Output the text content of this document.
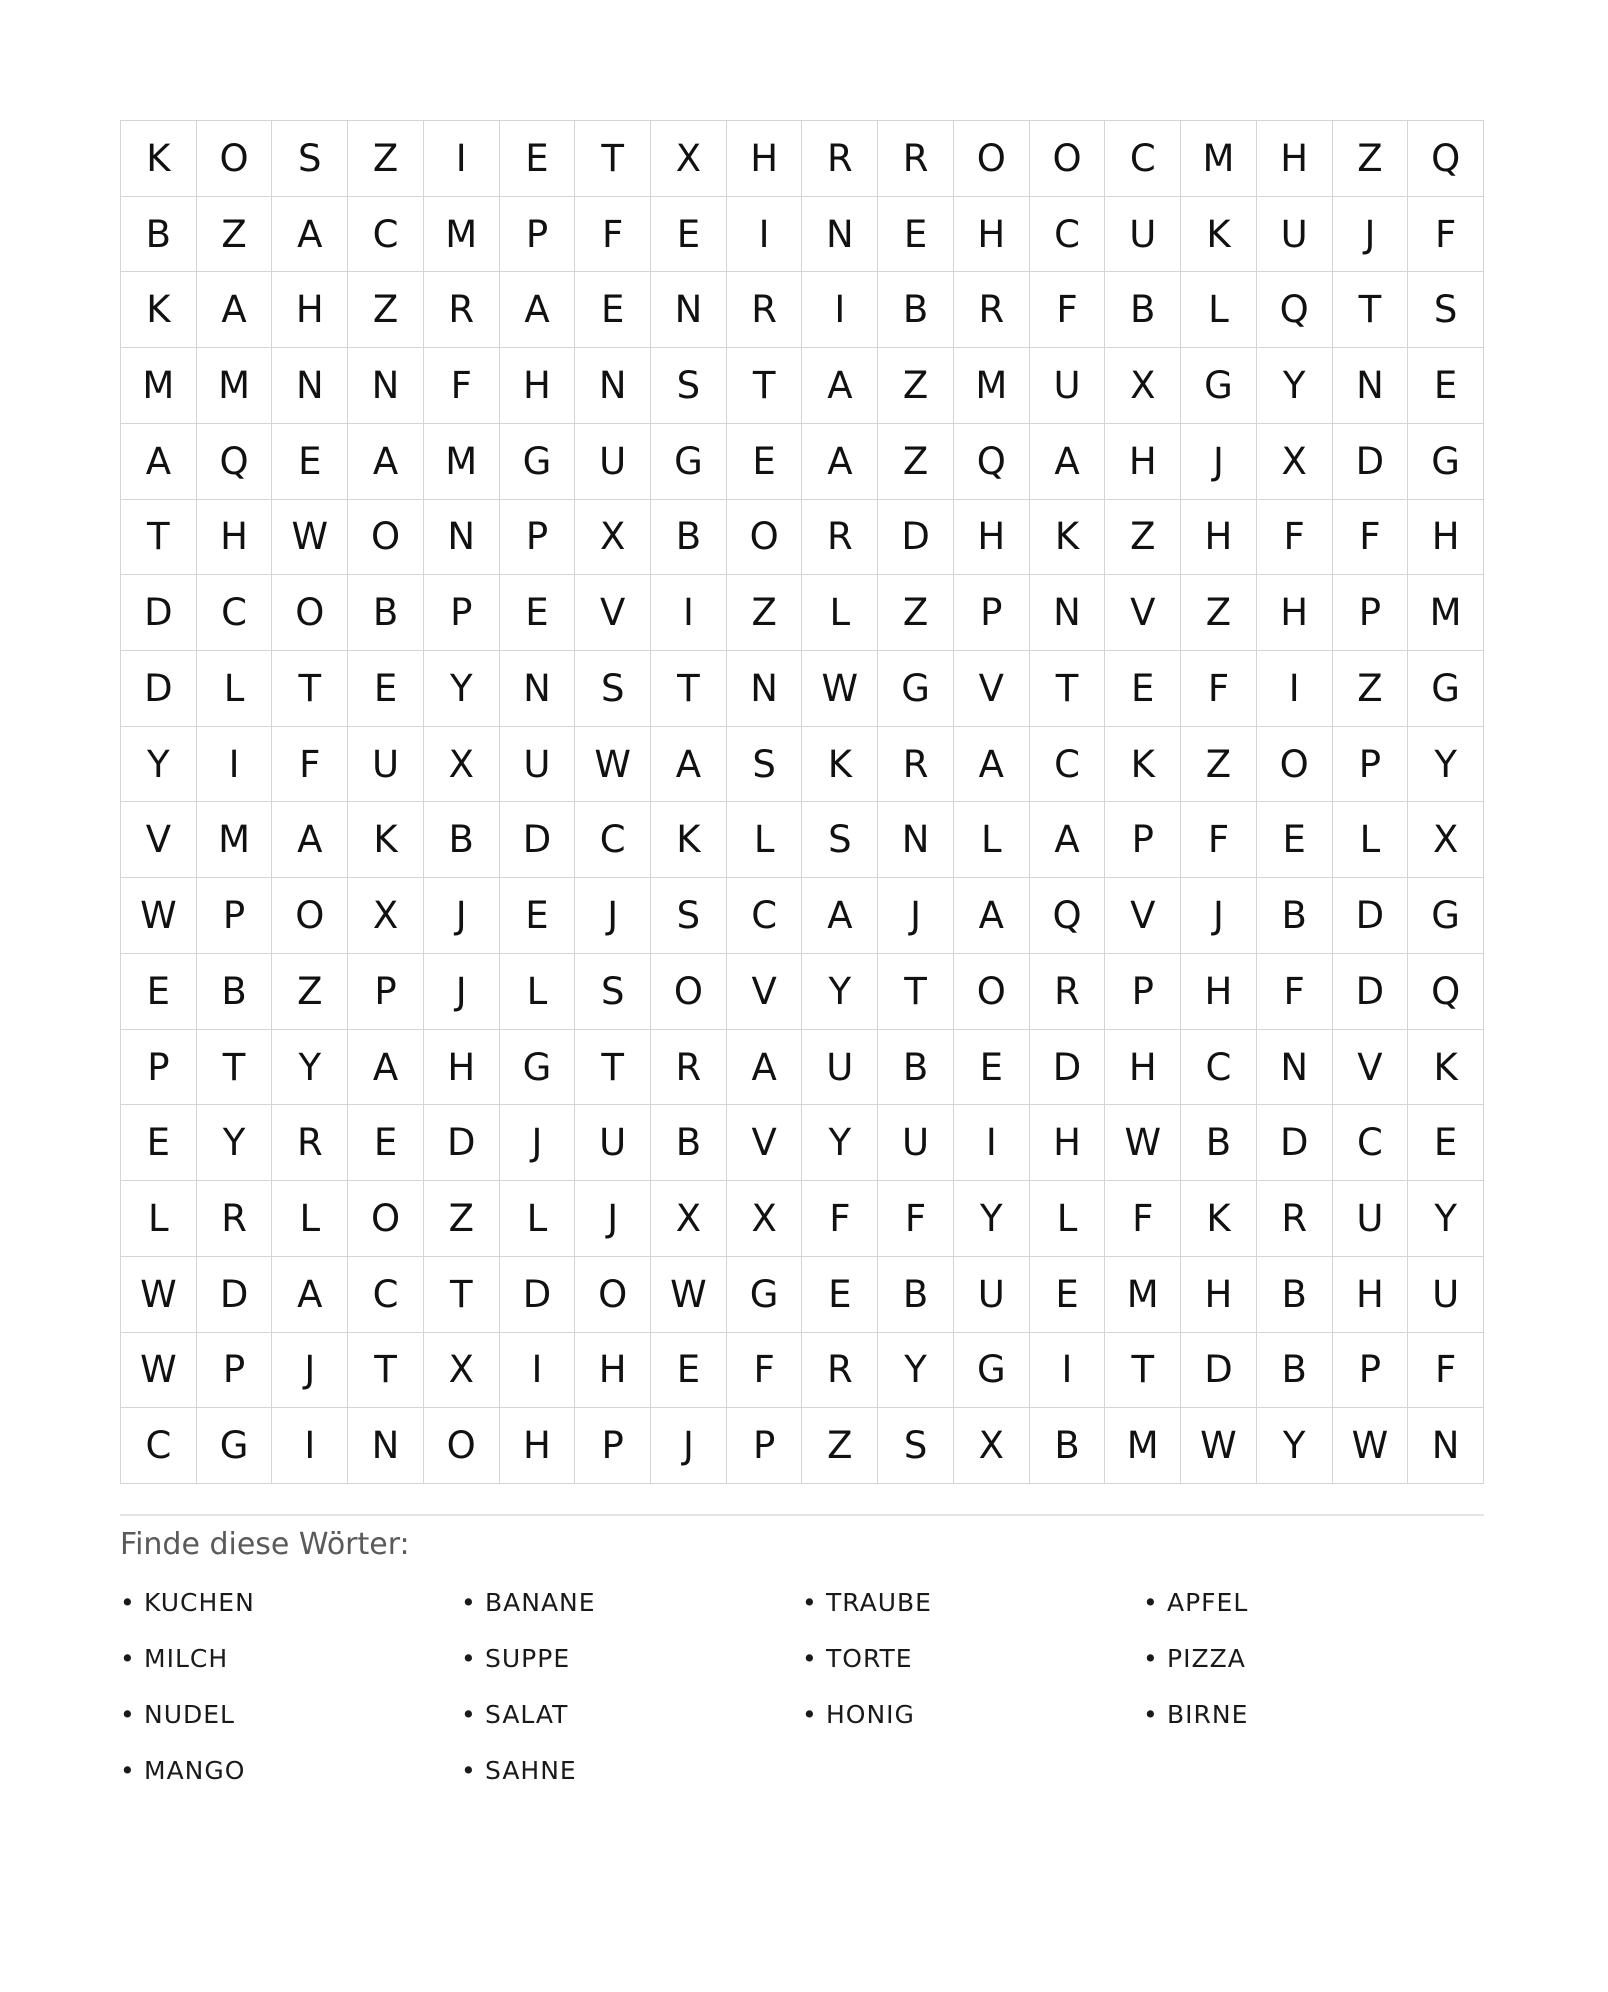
K	O	S	Z	I	E	T	X	H	R	R	O	O	C	M	H	Z	Q
B	Z	A	C	M	P	F	E	I	N	E	H	C	U	K	U	J	F
K	A	H	Z	R	A	E	N	R	I	B	R	F	B	L	Q	T	S
M	M	N	N	F	H	N	S	T	A	Z	M	U	X	G	Y	N	E
A	Q	E	A	M	G	U	G	E	A	Z	Q	A	H	J	X	D	G
T	H	W	O	N	P	X	B	O	R	D	H	K	Z	H	F	F	H
D	C	O	B	P	E	V	I	Z	L	Z	P	N	V	Z	H	P	M
D	L	T	E	Y	N	S	T	N	W	G	V	T	E	F	I	Z	G
Y	I	F	U	X	U	W	A	S	K	R	A	C	K	Z	O	P	Y
V	M	A	K	B	D	C	K	L	S	N	L	A	P	F	E	L	X
W	P	O	X	J	E	J	S	C	A	J	A	Q	V	J	B	D	G
E	B	Z	P	J	L	S	O	V	Y	T	O	R	P	H	F	D	Q
P	T	Y	A	H	G	T	R	A	U	B	E	D	H	C	N	V	K
E	Y	R	E	D	J	U	B	V	Y	U	I	H	W	B	D	C	E
L	R	L	O	Z	L	J	X	X	F	F	Y	L	F	K	R	U	Y
W	D	A	C	T	D	O	W	G	E	B	U	E	M	H	B	H	U
W	P	J	T	X	I	H	E	F	R	Y	G	I	T	D	B	P	F
C	G	I	N	O	H	P	J	P	Z	S	X	B	M	W	Y	W	N
Finde diese Wörter:
• KUCHEN	• BANANE	• TRAUBE	• APFEL
• MILCH	• SUPPE	• TORTE	• PIZZA
• NUDEL	• SALAT	• HONIG	• BIRNE
• MANGO	• SAHNE
